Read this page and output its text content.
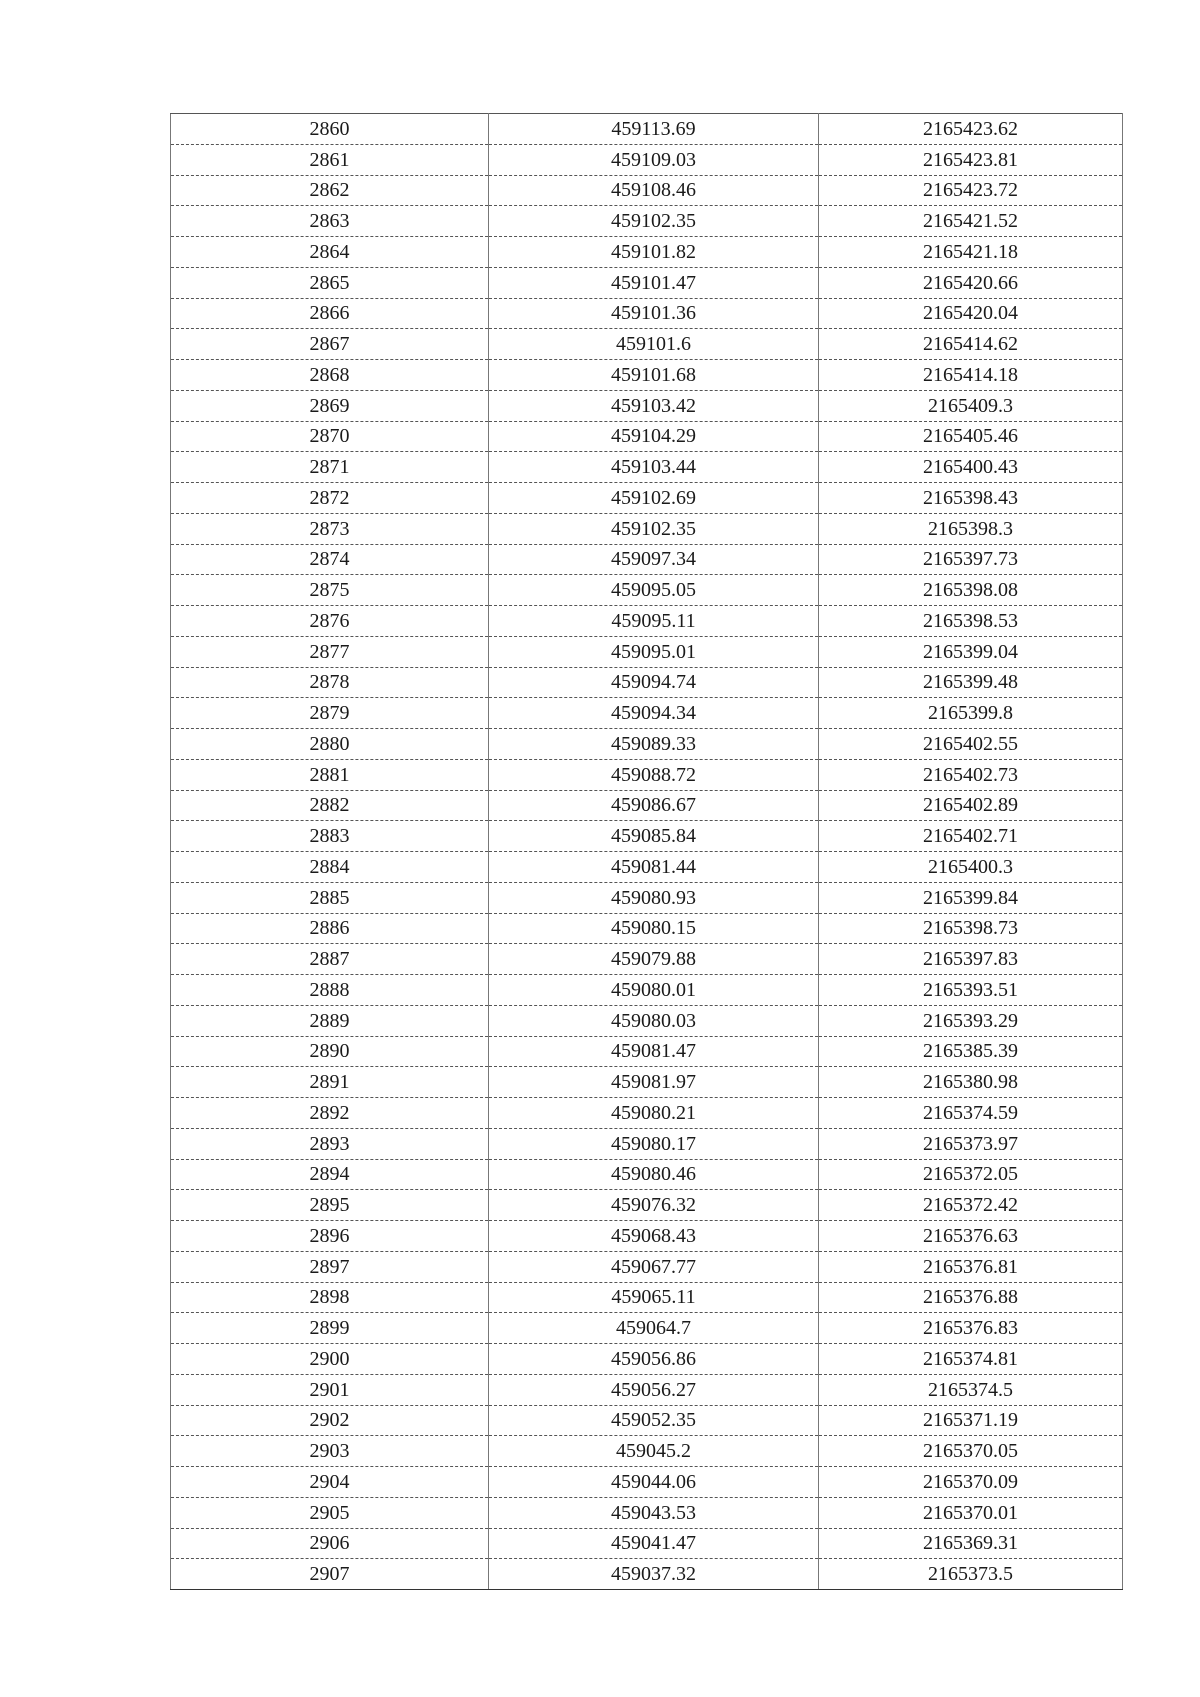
2860	459113.69	2165423.62
2861	459109.03	2165423.81
2862	459108.46	2165423.72
2863	459102.35	2165421.52
2864	459101.82	2165421.18
2865	459101.47	2165420.66
2866	459101.36	2165420.04
2867	459101.6	2165414.62
2868	459101.68	2165414.18
2869	459103.42	2165409.3
2870	459104.29	2165405.46
2871	459103.44	2165400.43
2872	459102.69	2165398.43
2873	459102.35	2165398.3
2874	459097.34	2165397.73
2875	459095.05	2165398.08
2876	459095.11	2165398.53
2877	459095.01	2165399.04
2878	459094.74	2165399.48
2879	459094.34	2165399.8
2880	459089.33	2165402.55
2881	459088.72	2165402.73
2882	459086.67	2165402.89
2883	459085.84	2165402.71
2884	459081.44	2165400.3
2885	459080.93	2165399.84
2886	459080.15	2165398.73
2887	459079.88	2165397.83
2888	459080.01	2165393.51
2889	459080.03	2165393.29
2890	459081.47	2165385.39
2891	459081.97	2165380.98
2892	459080.21	2165374.59
2893	459080.17	2165373.97
2894	459080.46	2165372.05
2895	459076.32	2165372.42
2896	459068.43	2165376.63
2897	459067.77	2165376.81
2898	459065.11	2165376.88
2899	459064.7	2165376.83
2900	459056.86	2165374.81
2901	459056.27	2165374.5
2902	459052.35	2165371.19
2903	459045.2	2165370.05
2904	459044.06	2165370.09
2905	459043.53	2165370.01
2906	459041.47	2165369.31
2907	459037.32	2165373.5
